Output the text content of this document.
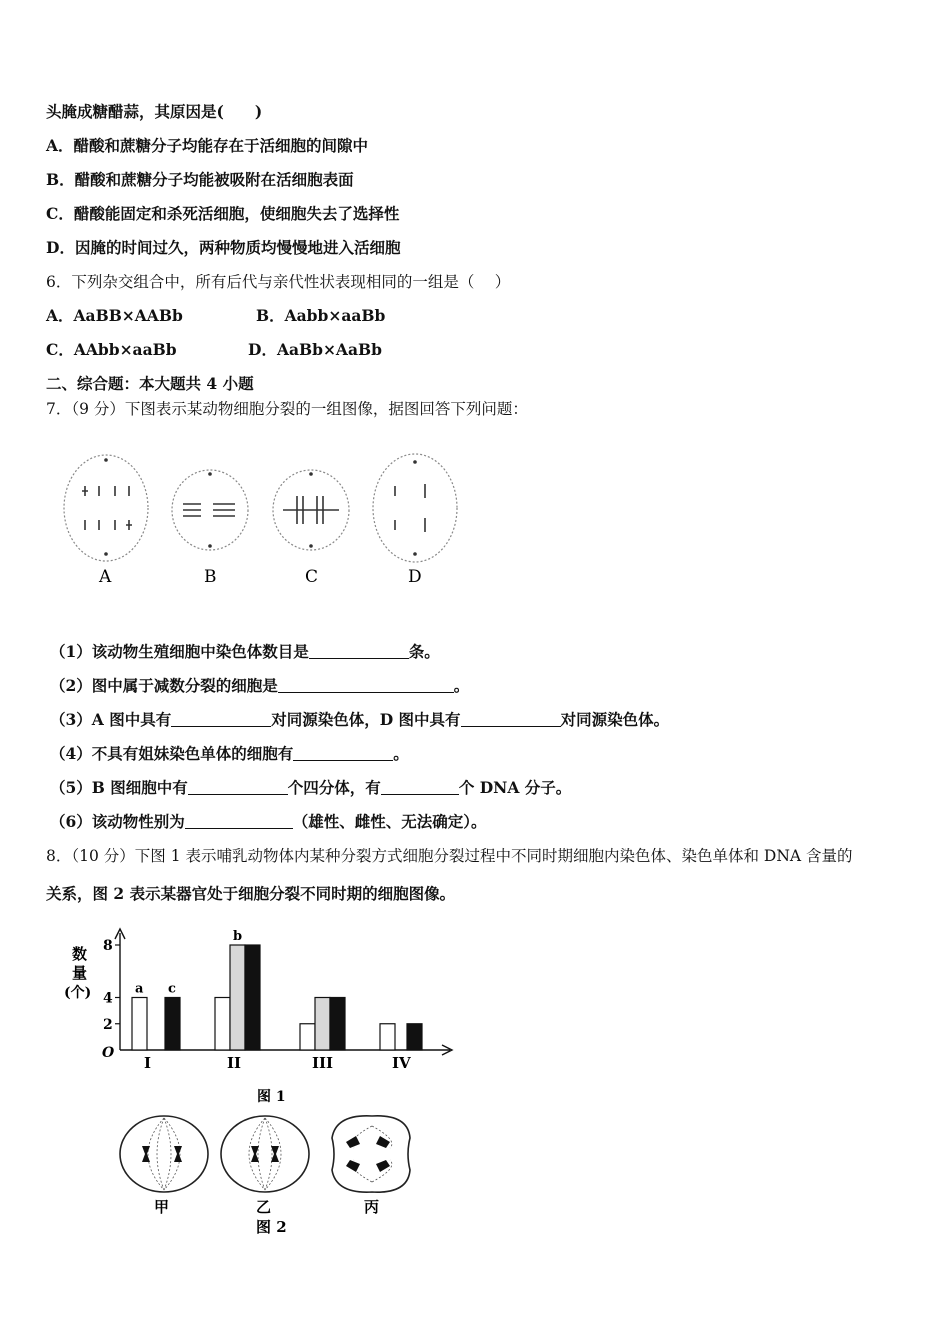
头腌成糖醋蒜，其原因是(　　)
A．醋酸和蔗糖分子均能存在于活细胞的间隙中
B．醋酸和蔗糖分子均能被吸附在活细胞表面
C．醋酸能固定和杀死活细胞，使细胞失去了选择性
D．因腌的时间过久，两种物质均慢慢地进入活细胞
6．下列杂交组合中，所有后代与亲代性状表现相同的一组是（　 ）
A．AaBB×AABb	B．Aabb×aaBb
C．AAbb×aaBb	D．AaBb×AaBb
二、综合题：本大题共 4 小题
7．（9 分）下图表示某动物细胞分裂的一组图像，据图回答下列问题：
A	B	C	D
（1）该动物生殖细胞中染色体数目是	条。
（2）图中属于减数分裂的细胞是	。
（3）A 图中具有	对同源染色体，D 图中具有	对同源染色体。
（4）不具有姐妹染色单体的细胞有	。
（5）B 图细胞中有	个四分体，有	个 DNA 分子。
（6）该动物性别为	（雄性、雌性、无法确定）。
8．（10 分）下图 1 表示哺乳动物体内某种分裂方式细胞分裂过程中不同时期细胞内染色体、染色单体和 DNA 含量的
关系，图 2 表示某器官处于细胞分裂不同时期的细胞图像。
数
量
(个)
O
2
4
8
a c
I
b
II	III	IV
图 1
甲	乙	丙
图 2
